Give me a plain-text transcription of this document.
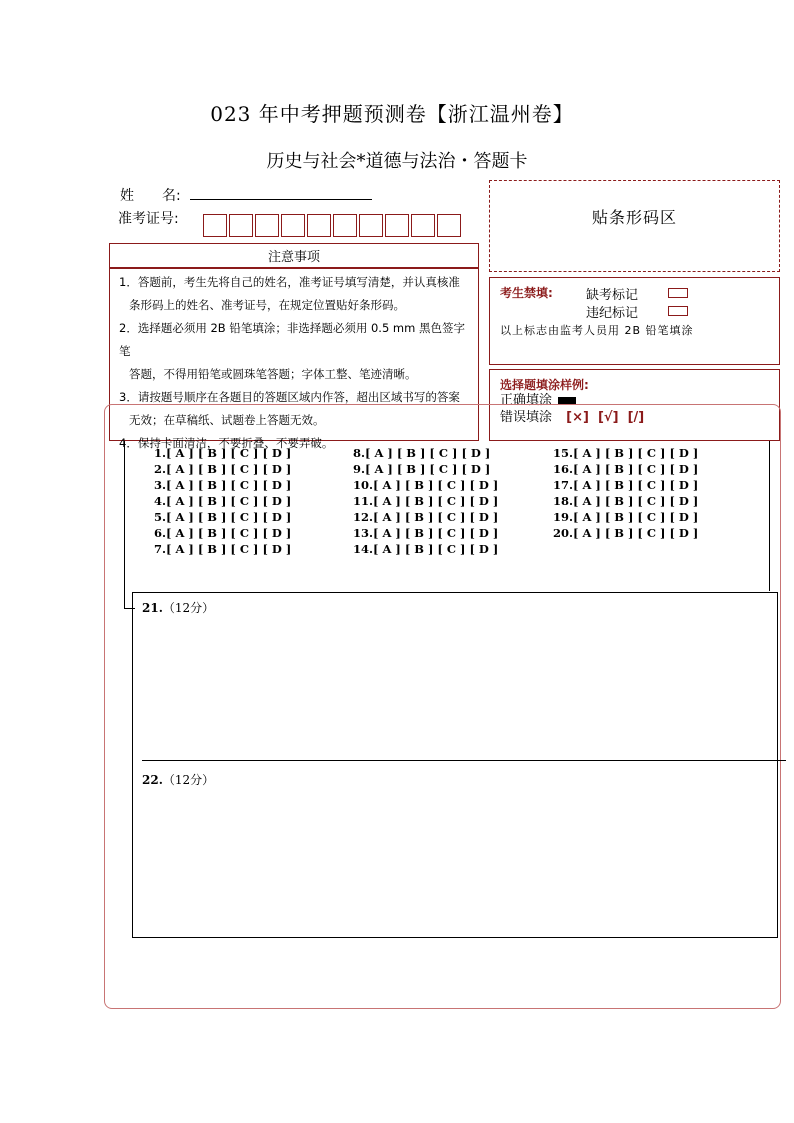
023 年中考押题预测卷【浙江温州卷】
历史与社会*道德与法治・答题卡
姓　　名:
准考证号:	贴条形码区
注意事项
1．答题前，考生先将自己的姓名，准考证号填写清楚，并认真核准
条形码上的姓名、准考证号，在规定位置贴好条形码。
2．选择题必须用 2B 铅笔填涂；非选择题必须用 0.5 mm 黑色签字笔
答题，不得用铅笔或圆珠笔答题；字体工整、笔迹清晰。
3．请按题号顺序在各题目的答题区域内作答，超出区域书写的答案
无效；在草稿纸、试题卷上答题无效。
4．保持卡面清洁，不要折叠、不要弄破。
考生禁填:	缺考标记
违纪标记
以上标志由监考人员用 2B 铅笔填涂
选择题填涂样例:
正确填涂
错误填涂 [×]  [√]  [/]
1.[ A ] [ B ] [ C ] [ D ]
2.[ A ] [ B ] [ C ] [ D ]
3.[ A ] [ B ] [ C ] [ D ]
4.[ A ] [ B ] [ C ] [ D ]
5.[ A ] [ B ] [ C ] [ D ]
6.[ A ] [ B ] [ C ] [ D ]
7.[ A ] [ B ] [ C ] [ D ]
8.[ A ] [ B ] [ C ] [ D ]
9.[ A ] [ B ] [ C ] [ D ]
10.[ A ] [ B ] [ C ] [ D ]
11.[ A ] [ B ] [ C ] [ D ]
12.[ A ] [ B ] [ C ] [ D ]
13.[ A ] [ B ] [ C ] [ D ]
14.[ A ] [ B ] [ C ] [ D ]
15.[ A ] [ B ] [ C ] [ D ]
16.[ A ] [ B ] [ C ] [ D ]
17.[ A ] [ B ] [ C ] [ D ]
18.[ A ] [ B ] [ C ] [ D ]
19.[ A ] [ B ] [ C ] [ D ]
20.[ A ] [ B ] [ C ] [ D ]
21.（12分）
22.（12分）
